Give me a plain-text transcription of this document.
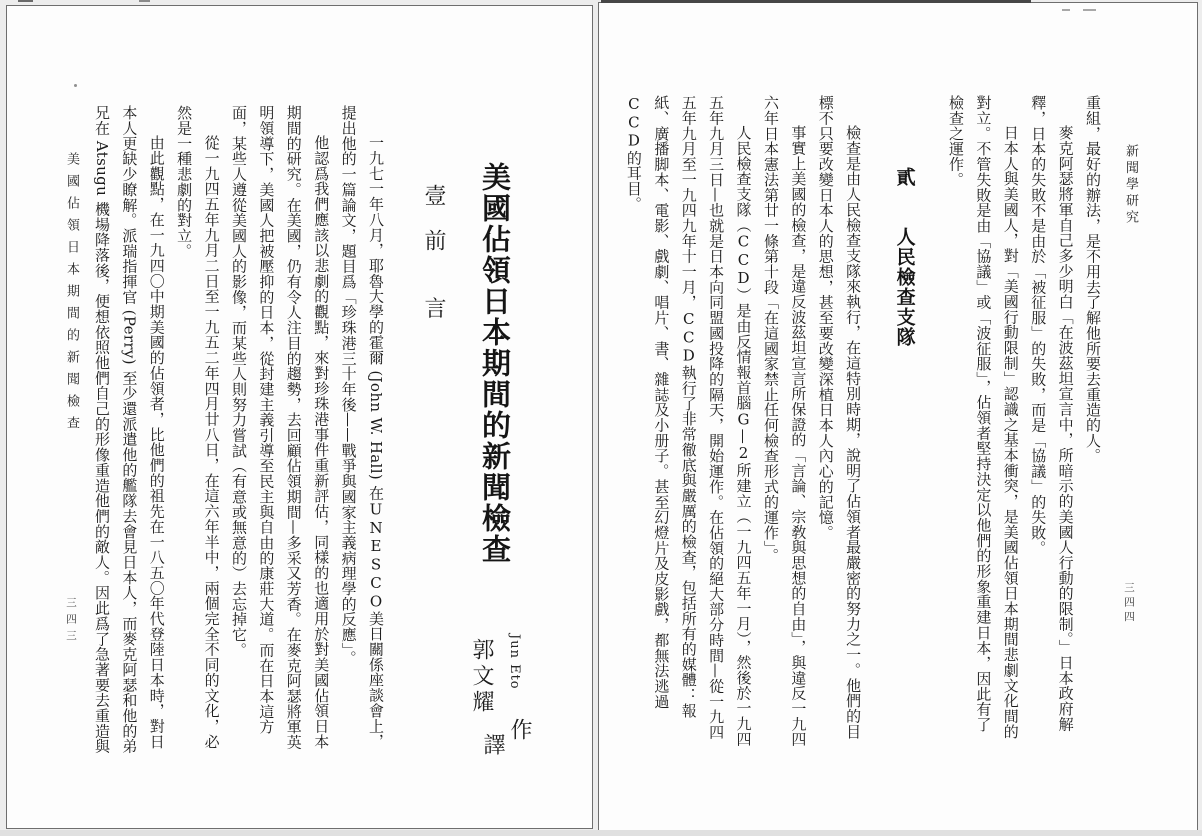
美國佔領日本期間的新聞檢查
三四三
美國佔領日本期間的新聞檢查
壹　前　　言
Jun Eto
作
郭文耀
譯

一九七一年八月，耶魯大學的霍爾 (John W. Hall) 在UNESCO美日關係座談會上，提出他的一篇論文，題目爲「珍珠港三十年後——戰爭與國家主義病理學的反應」。

他認爲我們應該以悲劇的觀點，來對珍珠港事件重新評估，同樣的也適用於對美國佔領日本期間的研究。在美國，仍有令人注目的趨勢，去回顧佔領期間—多采又芳香。在麥克阿瑟將軍英明領導下，美國人把被壓抑的日本，從封建主義引導至民主與自由的康莊大道。而在日本這方面，某些人遵從美國人的影像，而某些人則努力嘗試（有意或無意的）去忘掉它。

從一九四五年九月二日至一九五二年四月廿八日，在這六年半中，兩個完全不同的文化，必然是一種悲劇的對立。

由此觀點，在一九四〇中期美國的佔領者，比他們的祖先在一八五〇年代登陸日本時，對日本人更缺少瞭解。派瑞指揮官 (Perry) 至少還派遣他的艦隊去會見日本人，而麥克阿瑟和他的弟兄在 Atsugu 機場降落後，便想依照他們自己的形像重造他們的敵人。因此爲了急著要去重造與	新聞學研究
三四四

重組，最好的辦法，是不用去了解他所要去重造的人。

麥克阿瑟將軍自己多少明白「在波茲坦宣言中，所暗示的美國人行動的限制。」日本政府解釋，日本的失敗不是由於「被征服」的失敗，而是「協議」的失敗。

日本人與美國人，對「美國行動限制」認識之基本衝突，是美國佔領日本期間悲劇文化間的對立。不管失敗是由「協議」或「波征服」，佔領者堅持決定以他們的形象重建日本，因此有了檢查之運作。

貳　　人民檢查支隊

檢查是由人民檢查支隊來執行，在這特別時期，說明了佔領者最嚴密的努力之一。他們的目標不只要改變日本人的思想，甚至要改變深植日本人內心的記憶。

事實上美國的檢查，是違反波茲坦宣言所保證的「言論、宗敎與思想的自由」，與違反一九四六年日本憲法第廿一條第十段「在這國家禁止任何檢查形式的運作」。

人民檢查支隊（CCD）是由反情報首腦G—2所建立（一九四五年一月），然後於一九四五年九月三日—也就是日本向同盟國投降的隔天，開始運作。在佔領的絕大部分時間—從一九四五年九月至一九四九年十一月，CCD執行了非常徹底與嚴厲的檢查，包括所有的媒體：報紙、廣播脚本、電影、戲劇、唱片、書、雜誌及小册子。甚至幻燈片及皮影戲，都無法逃過CCD的耳目。
